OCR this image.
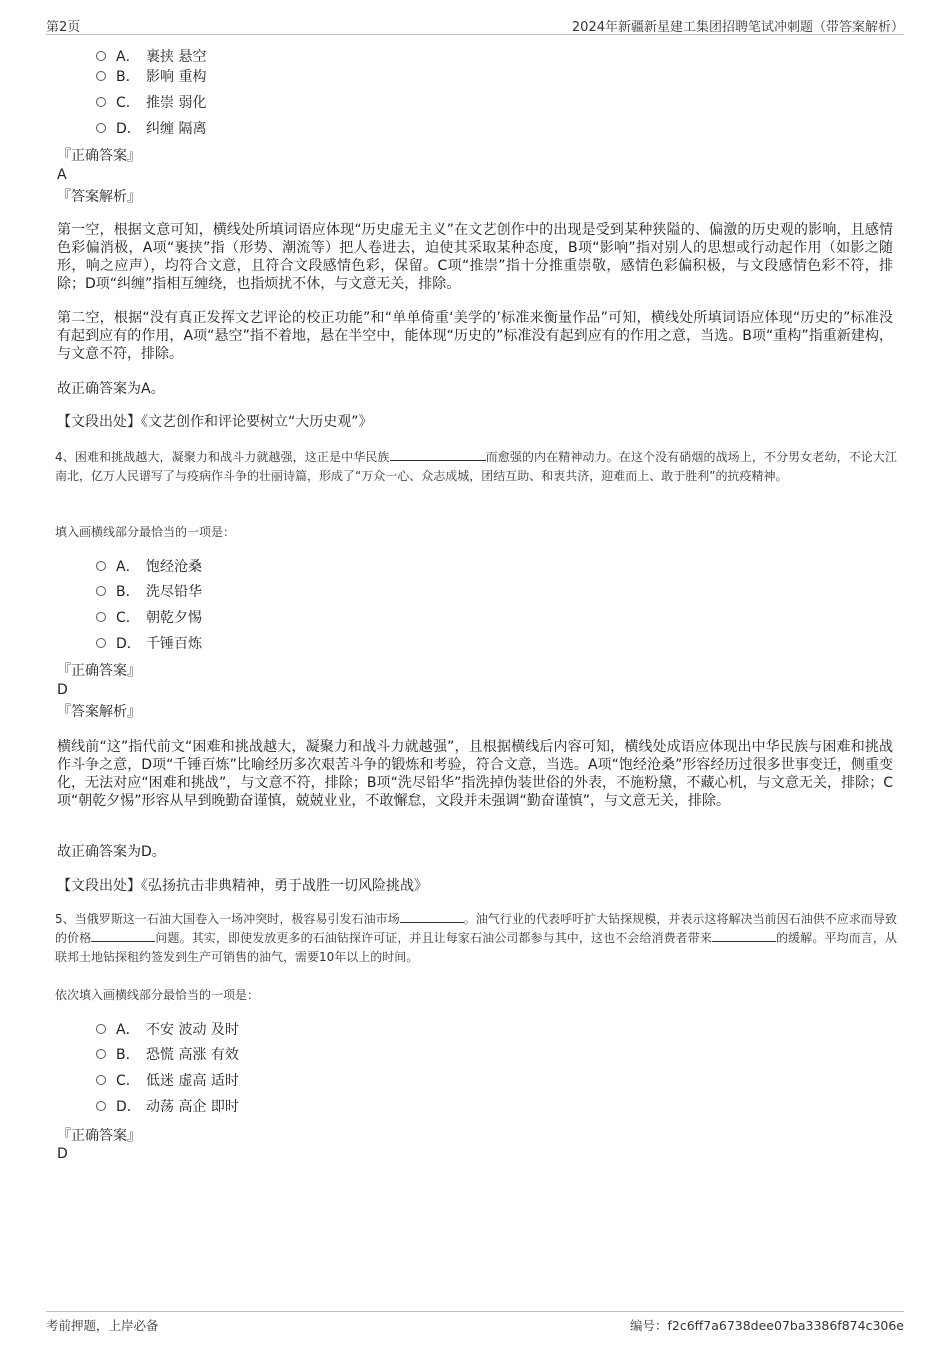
第2页	2024年新疆新星建工集团招聘笔试冲刺题（带答案解析）
A． 裹挟 悬空
B． 影响 重构
C． 推崇 弱化
D． 纠缠 隔离
『正确答案』
A
『答案解析』

第一空，根据文意可知，横线处所填词语应体现“历史虚无主义”在文艺创作中的出现是受到某种狭隘的、偏激的历史观的影响，且感情色彩偏消极，A项“裹挟”指（形势、潮流等）把人卷进去，迫使其采取某种态度，B项“影响”指对别人的思想或行动起作用（如影之随形，响之应声），均符合文意，且符合文段感情色彩，保留。C项“推崇”指十分推重崇敬，感情色彩偏积极，与文段感情色彩不符，排除；D项“纠缠”指相互缠绕，也指烦扰不休，与文意无关，排除。

第二空，根据“没有真正发挥文艺评论的校正功能”和“单单倚重‘美学的’标准来衡量作品”可知，横线处所填词语应体现“历史的”标准没有起到应有的作用，A项“悬空”指不着地，悬在半空中，能体现“历史的”标准没有起到应有的作用之意，当选。B项“重构”指重新建构，与文意不符，排除。

故正确答案为A。

【文段出处】《文艺创作和评论要树立“大历史观”》

4、困难和挑战越大，凝聚力和战斗力就越强，这正是中华民族	而愈强的内在精神动力。在这个没有硝烟的战场上，不分男女老幼，不论大江南北，亿万人民谱写了与疫病作斗争的壮丽诗篇，形成了“万众一心、众志成城，团结互助、和衷共济，迎难而上、敢于胜利”的抗疫精神。

填入画横线部分最恰当的一项是：

A． 饱经沧桑
B． 洗尽铅华
C． 朝乾夕惕
D． 千锤百炼
『正确答案』
D
『答案解析』

横线前“这”指代前文“困难和挑战越大，凝聚力和战斗力就越强”，且根据横线后内容可知，横线处成语应体现出中华民族与困难和挑战作斗争之意，D项“千锤百炼”比喻经历多次艰苦斗争的锻炼和考验，符合文意，当选。A项“饱经沧桑”形容经历过很多世事变迁，侧重变化，无法对应“困难和挑战”，与文意不符，排除；B项“洗尽铅华”指洗掉伪装世俗的外表，不施粉黛，不藏心机，与文意无关，排除；C项“朝乾夕惕”形容从早到晚勤奋谨慎，兢兢业业，不敢懈怠，文段并未强调“勤奋谨慎”，与文意无关，排除。

故正确答案为D。

【文段出处】《弘扬抗击非典精神，勇于战胜一切风险挑战》

5、当俄罗斯这一石油大国卷入一场冲突时，极容易引发石油市场	。油气行业的代表呼吁扩大钻探规模，并表示这将解决当前因石油供不应求而导致的价格	问题。其实，即使发放更多的石油钻探许可证，并且让每家石油公司都参与其中，这也不会给消费者带来	的缓解。平均而言，从联邦土地钻探租约签发到生产可销售的油气，需要10年以上的时间。

依次填入画横线部分最恰当的一项是：

A． 不安 波动 及时
B． 恐慌 高涨 有效
C． 低迷 虚高 适时
D． 动荡 高企 即时
『正确答案』
D
考前押题，上岸必备	编号：f2c6ff7a6738dee07ba3386f874c306e
